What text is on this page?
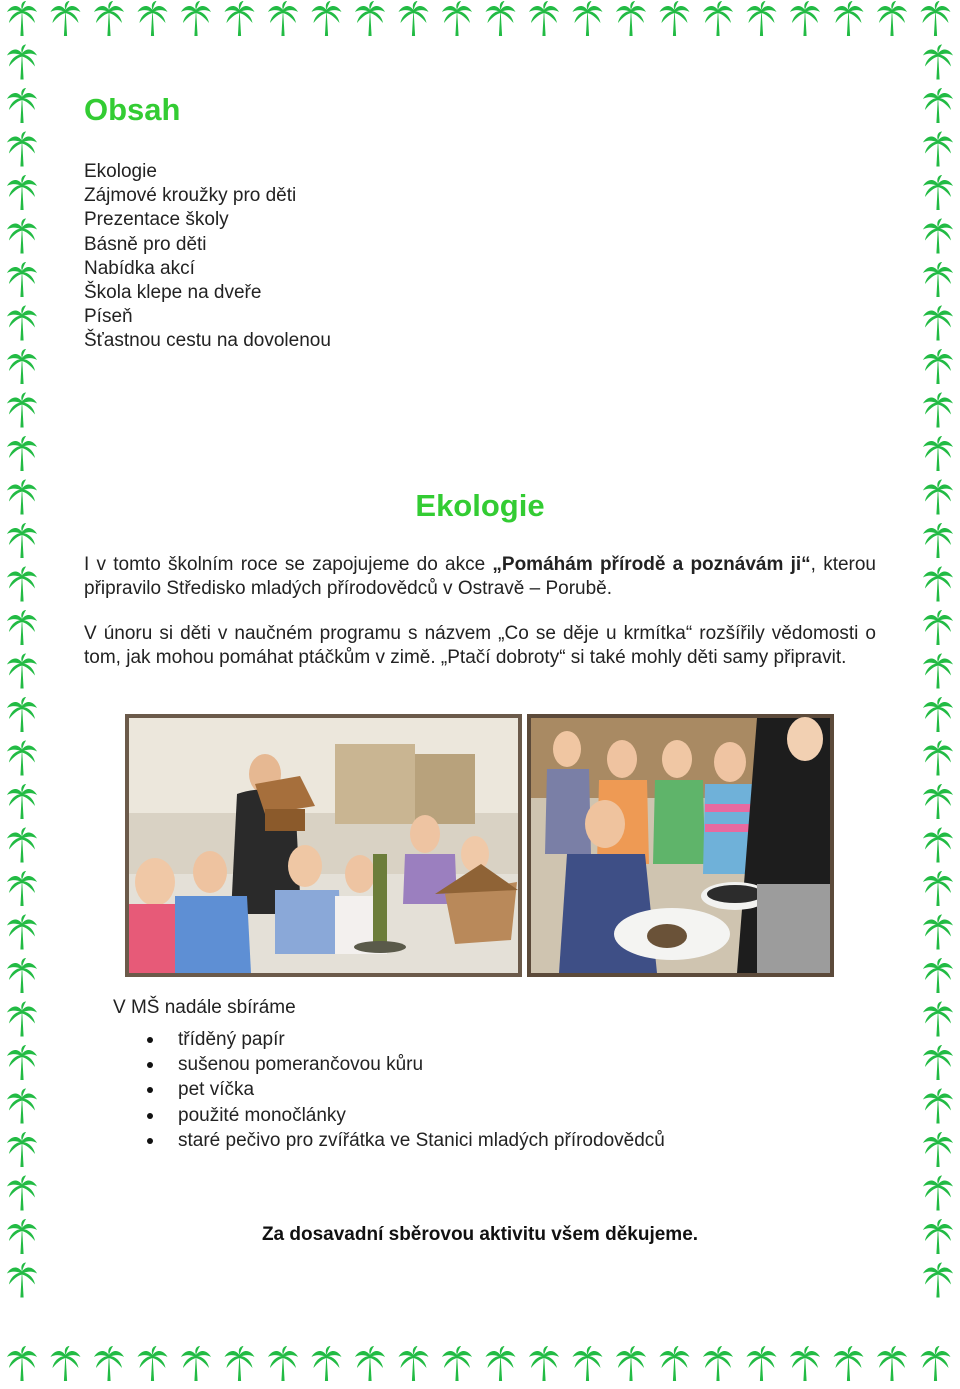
Obsah
Ekologie
Zájmové kroužky pro děti
Prezentace školy
Básně pro děti
Nabídka akcí
Škola klepe na dveře
Píseň
Šťastnou cestu na dovolenou
Ekologie

I v tomto školním roce se zapojujeme do akce „Pomáhám přírodě a poznávám ji“, kterou připravilo Středisko mladých přírodovědců v Ostravě – Porubě.

V únoru si děti v naučném programu s názvem „Co se děje u krmítka“ rozšířily vědomosti o tom, jak mohou pomáhat ptáčkům v zimě. „Ptačí dobroty“ si také mohly děti samy připravit.

V MŠ nadále sbíráme

tříděný papír
sušenou pomerančovou kůru
pet víčka
použité monočlánky
staré pečivo pro zvířátka ve Stanici mladých přírodovědců

Za dosavadní sběrovou aktivitu všem děkujeme.
